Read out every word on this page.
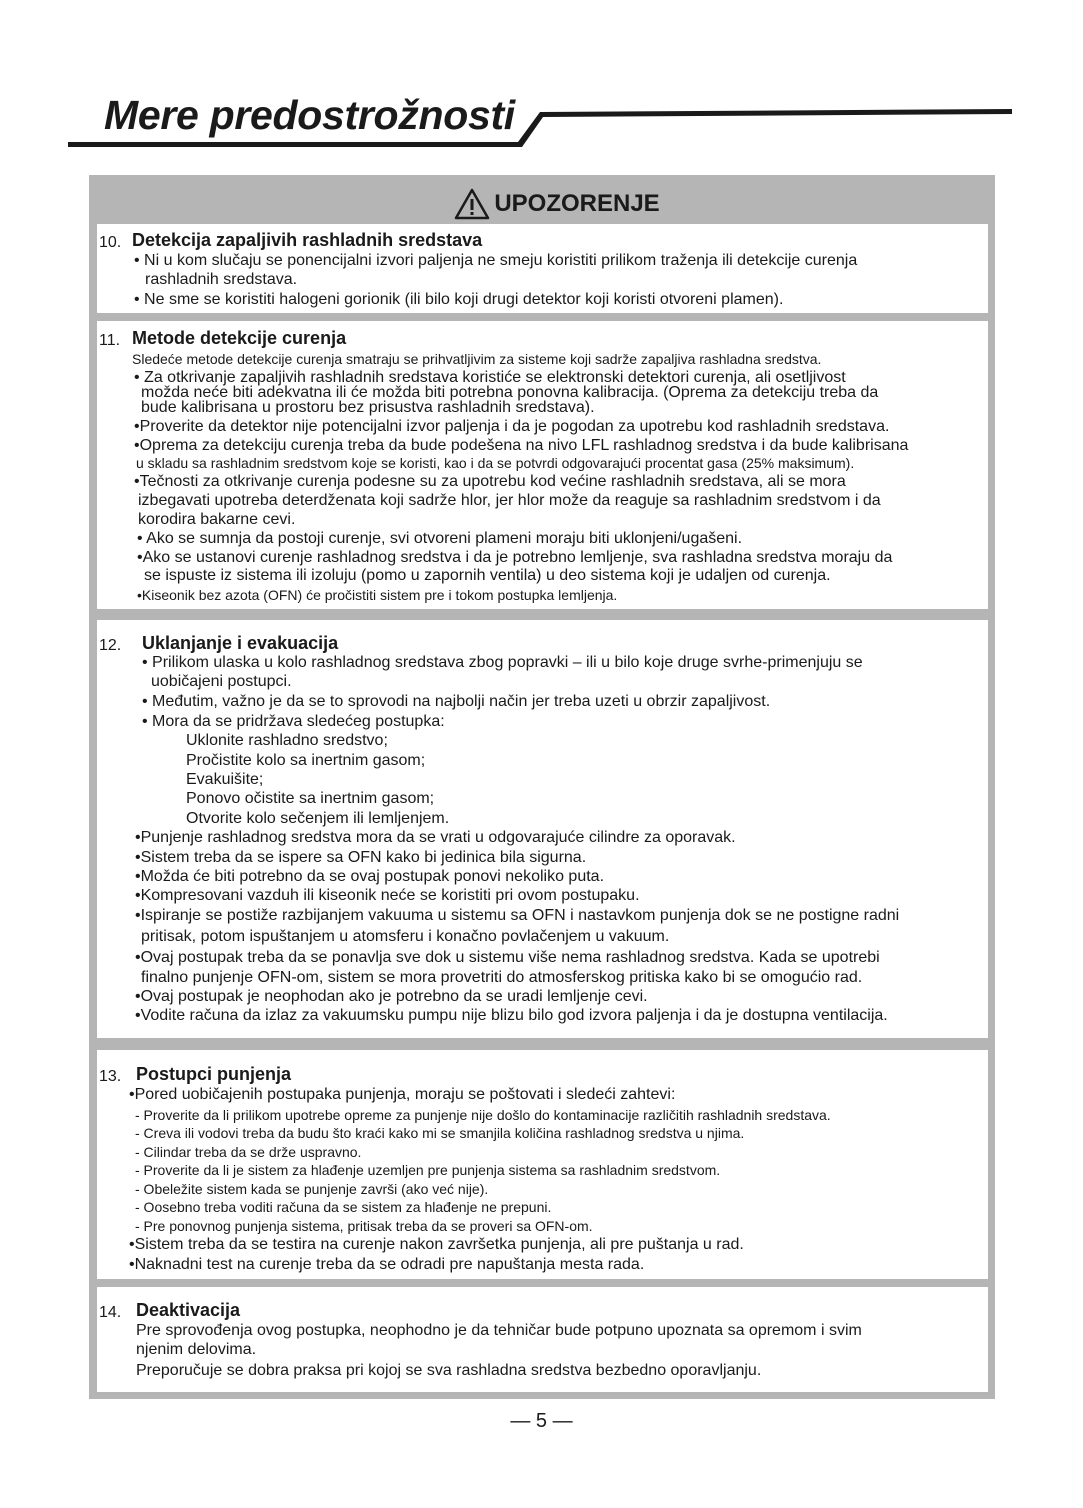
Mere predostrožnosti
UPOZORENJE
10. Detekcija zapaljivih rashladnih sredstava
• Ni u kom slučaju se ponencijalni izvori paljenja ne smeju koristiti prilikom traženja ili detekcije curenja
rashladnih sredstava.
• Ne sme se koristiti halogeni gorionik (ili bilo koji drugi detektor koji koristi otvoreni plamen).
11. Metode detekcije curenja
Sledeće metode detekcije curenja smatraju se prihvatljivim za sisteme koji sadrže zapaljiva rashladna sredstva.
• Za otkrivanje zapaljivih rashladnih sredstava koristiće se elektronski detektori curenja, ali osetljivost
možda neće biti adekvatna ili će možda biti potrebna ponovna kalibracija. (Oprema za detekciju treba da
bude kalibrisana u prostoru bez prisustva rashladnih sredstava).
•Proverite da detektor nije potencijalni izvor paljenja i da je pogodan za upotrebu kod rashladnih sredstava.
•Oprema za detekciju curenja treba da bude podešena na nivo LFL rashladnog sredstva i da bude kalibrisana
u skladu sa rashladnim sredstvom koje se koristi, kao i da se potvrdi odgovarajući procentat gasa (25% maksimum).
•Tečnosti za otkrivanje curenja podesne su za upotrebu kod većine rashladnih sredstava, ali se mora
izbegavati upotreba deterdženata koji sadrže hlor, jer hlor može da reaguje sa rashladnim sredstvom i da
korodira bakarne cevi.
• Ako se sumnja da postoji curenje, svi otvoreni plameni moraju biti uklonjeni/ugašeni.
•Ako se ustanovi curenje rashladnog sredstva i da je potrebno lemljenje, sva rashladna sredstva moraju da
se ispuste iz sistema ili izoluju (pomo u zapornih ventila) u deo sistema koji je udaljen od curenja.
•Kiseonik bez azota (OFN) će pročistiti sistem pre i tokom postupka lemljenja.
12. Uklanjanje i evakuacija
• Prilikom ulaska u kolo rashladnog sredstava zbog popravki – ili u bilo koje druge svrhe-primenjuju se
uobičajeni postupci.
• Međutim, važno je da se to sprovodi na najbolji način jer treba uzeti u obrzir zapaljivost.
• Mora da se pridržava sledećeg postupka:
Uklonite rashladno sredstvo;
Pročistite kolo sa inertnim gasom;
Evakuišite;
Ponovo očistite sa inertnim gasom;
Otvorite kolo sečenjem ili lemljenjem.
•Punjenje rashladnog sredstva mora da se vrati u odgovarajuće cilindre za oporavak.
•Sistem treba da se ispere sa OFN kako bi jedinica bila sigurna.
•Možda će biti potrebno da se ovaj postupak ponovi nekoliko puta.
•Kompresovani vazduh ili kiseonik neće se koristiti pri ovom postupaku.
•Ispiranje se postiže razbijanjem vakuuma u sistemu sa OFN i nastavkom punjenja dok se ne postigne radni
pritisak, potom ispuštanjem u atomsferu i konačno povlačenjem u vakuum.
•Ovaj postupak treba da se ponavlja sve dok u sistemu više nema rashladnog sredstva. Kada se upotrebi
finalno punjenje OFN-om, sistem se mora provetriti do atmosferskog pritiska kako bi se omogućio rad.
•Ovaj postupak je neophodan ako je potrebno da se uradi lemljenje cevi.
•Vodite računa da izlaz za vakuumsku pumpu nije blizu bilo god izvora paljenja i da je dostupna ventilacija.
13. Postupci punjenja
•Pored uobičajenih postupaka punjenja, moraju se poštovati i sledeći zahtevi:
- Proverite da li prilikom upotrebe opreme za punjenje nije došlo do kontaminacije različitih rashladnih sredstava.
- Creva ili vodovi treba da budu što kraći kako mi se smanjila količina rashladnog sredstva u njima.
- Cilindar treba da se drže uspravno.
- Proverite da li je sistem za hlađenje uzemljen pre punjenja sistema sa rashladnim sredstvom.
- Obeležite sistem kada se punjenje završi (ako već nije).
- Oosebno treba voditi računa da se sistem za hlađenje ne prepuni.
- Pre ponovnog punjenja sistema, pritisak treba da se proveri sa OFN-om.
•Sistem treba da se testira na curenje nakon završetka punjenja, ali pre puštanja u rad.
•Naknadni test na curenje treba da se odradi pre napuštanja mesta rada.
14. Deaktivacija
Pre sprovođenja ovog postupka, neophodno je da tehničar bude potpuno upoznata sa opremom i svim
njenim delovima.
Preporučuje se dobra praksa pri kojoj se sva rashladna sredstva bezbedno oporavljanju.
— 5 —
